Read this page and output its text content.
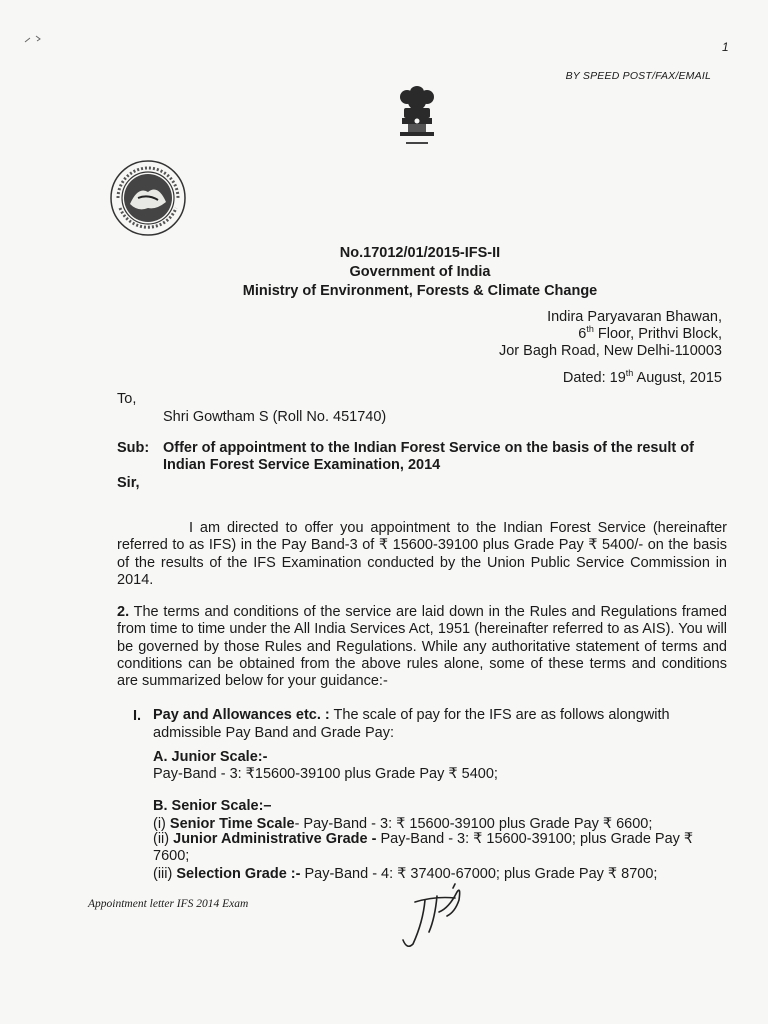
1
BY SPEED POST/FAX/EMAIL
No.17012/01/2015-IFS-II
Government of India
Ministry of Environment, Forests & Climate Change
Indira Paryavaran Bhawan,
6th Floor, Prithvi Block,
Jor Bagh Road, New Delhi-110003
Dated: 19th August, 2015
To,
Shri Gowtham S (Roll No. 451740)
Sub: Offer of appointment to the Indian Forest Service on the basis of the result of Indian Forest Service Examination, 2014
Sir,
I am directed to offer you appointment to the Indian Forest Service (hereinafter referred to as IFS) in the Pay Band-3 of ₹ 15600-39100 plus Grade Pay ₹ 5400/- on the basis of the results of the IFS Examination conducted by the Union Public Service Commission in 2014.
2. The terms and conditions of the service are laid down in the Rules and Regulations framed from time to time under the All India Services Act, 1951 (hereinafter referred to as AIS). You will be governed by those Rules and Regulations. While any authoritative statement of terms and conditions can be obtained from the above rules alone, some of these terms and conditions are summarized below for your guidance:-
I. Pay and Allowances etc. : The scale of pay for the IFS are as follows alongwith admissible Pay Band and Grade Pay:
A. Junior Scale:-
Pay-Band - 3: ₹15600-39100 plus Grade Pay ₹ 5400;
B. Senior Scale:–
(i) Senior Time Scale- Pay-Band - 3: ₹ 15600-39100 plus Grade Pay ₹ 6600;
(ii) Junior Administrative Grade - Pay-Band - 3: ₹ 15600-39100; plus Grade Pay ₹ 7600;
(iii) Selection Grade :- Pay-Band - 4: ₹ 37400-67000; plus Grade Pay ₹ 8700;
Appointment letter IFS 2014 Exam
